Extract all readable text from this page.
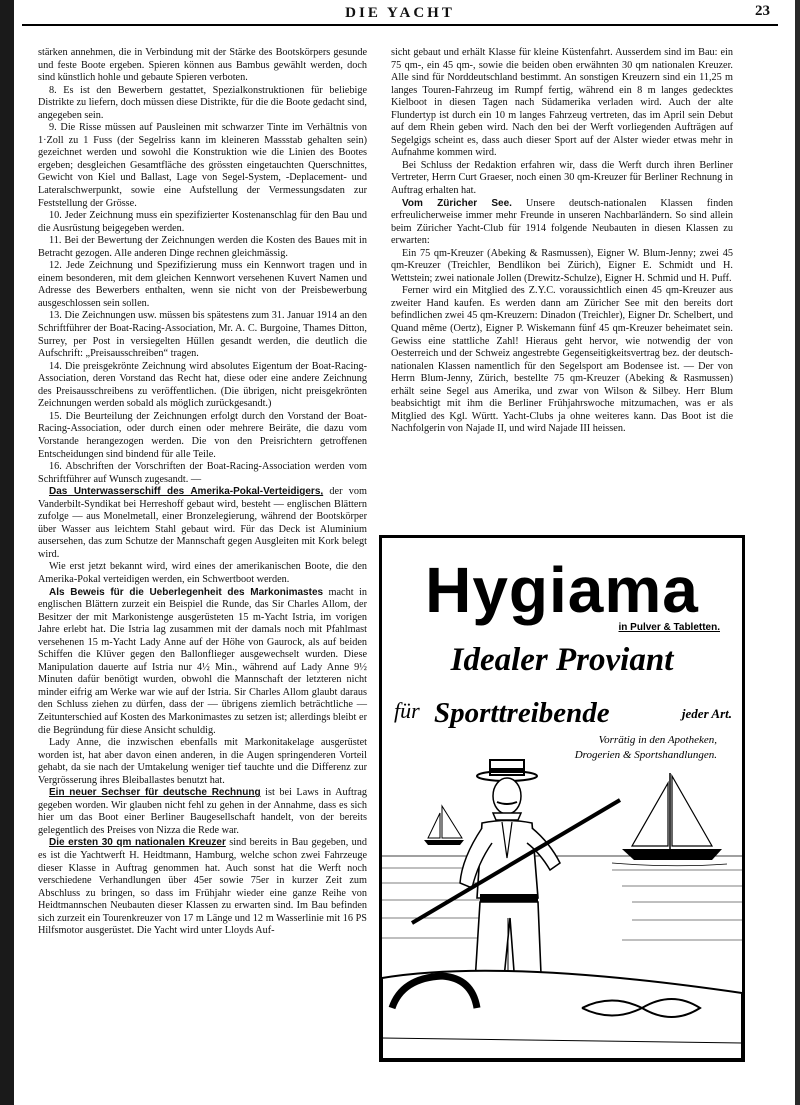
DIE YACHT	23

stärken annehmen, die in Verbindung mit der Stärke des Bootskörpers gesunde und feste Boote ergeben. Spieren können aus Bambus gewählt werden, doch sind künstlich hohle und gebaute Spieren verboten.

8. Es ist den Bewerbern gestattet, Spezialkonstruktionen für beliebige Distrikte zu liefern, doch müssen diese Distrikte, für die die Boote gedacht sind, angegeben sein.

9. Die Risse müssen auf Pausleinen mit schwarzer Tinte im Verhältnis von 1·Zoll zu 1 Fuss (der Segelriss kann im kleineren Massstab gehalten sein) gezeichnet werden und sowohl die Konstruktion wie die Linien des Bootes ergeben; desgleichen Gesamtfläche des grössten eingetauchten Querschnittes, Gewicht von Kiel und Ballast, Lage von Segel-System, -Deplacement- und Lateralschwerpunkt, sowie eine Aufstellung der Vermessungsdaten zur Feststellung der Grösse.

10. Jeder Zeichnung muss ein spezifizierter Kostenanschlag für den Bau und die Ausrüstung beigegeben werden.

11. Bei der Bewertung der Zeichnungen werden die Kosten des Baues mit in Betracht gezogen. Alle anderen Dinge rechnen gleichmässig.

12. Jede Zeichnung und Spezifizierung muss ein Kennwort tragen und in einem besonderen, mit dem gleichen Kennwort versehenen Kuvert Namen und Adresse des Bewerbers enthalten, wenn sie nicht von der Preisbewerbung ausgeschlossen sein sollen.

13. Die Zeichnungen usw. müssen bis spätestens zum 31. Januar 1914 an den Schriftführer der Boat-Racing-Association, Mr. A. C. Burgoine, Thames Ditton, Surrey, per Post in versiegelten Hüllen gesandt werden, die deutlich die Aufschrift: „Preisausschreiben“ tragen.

14. Die preisgekrönte Zeichnung wird absolutes Eigentum der Boat-Racing-Association, deren Vorstand das Recht hat, diese oder eine andere Zeichnung des Preisausschreibens zu veröffentlichen. (Die übrigen, nicht preisgekrönten Zeichnungen werden sobald als möglich zurückgesandt.)

15. Die Beurteilung der Zeichnungen erfolgt durch den Vorstand der Boat-Racing-Association, oder durch einen oder mehrere Beiräte, die dazu vom Vorstande herangezogen werden. Die von den Preisrichtern getroffenen Entscheidungen sind bindend für alle Teile.

16. Abschriften der Vorschriften der Boat-Racing-Association werden vom Schriftführer auf Wunsch zugesandt. —

Das Unterwasserschiff des Amerika-Pokal-Verteidigers, der vom Vanderbilt-Syndikat bei Herreshoff gebaut wird, besteht — englischen Blättern zufolge — aus Monelmetall, einer Bronzelegierung, während der Bootskörper über Wasser aus leichtem Stahl gebaut wird. Für das Deck ist Aluminium ausersehen, das zum Schutze der Mannschaft gegen Ausgleiten mit Kork belegt wird.

Wie erst jetzt bekannt wird, wird eines der amerikanischen Boote, die den Amerika-Pokal verteidigen werden, ein Schwertboot werden.

Als Beweis für die Ueberlegenheit des Markonimastes macht in englischen Blättern zurzeit ein Beispiel die Runde, das Sir Charles Allom, der Besitzer der mit Markonistenge ausgerüsteten 15 m-Yacht Istria, im vorigen Jahre erlebt hat. Die Istria lag zusammen mit der damals noch mit Pfahlmast versehenen 15 m-Yacht Lady Anne auf der Höhe von Gaurock, als auf beiden Schiffen die Klüver gegen den Ballonflieger ausgewechselt wurden. Diese Manipulation dauerte auf Istria nur 4½ Min., während auf Lady Anne 9½ Minuten dafür benötigt wurden, obwohl die Mannschaft der letzteren nicht minder eifrig am Werke war wie auf der Istria. Sir Charles Allom glaubt daraus den Schluss ziehen zu dürfen, dass der — übrigens ziemlich beträchtliche — Zeitunterschied auf Kosten des Markonimastes zu setzen ist; allerdings bleibt er die Begründung für diese Ansicht schuldig.

Lady Anne, die inzwischen ebenfalls mit Markonitakelage ausgerüstet worden ist, hat aber davon einen anderen, in die Augen springenderen Vorteil gehabt, da sie nach der Umtakelung weniger tief tauchte und die Differenz zur Vergrösserung ihres Bleiballastes benutzt hat.

Ein neuer Sechser für deutsche Rechnung ist bei Laws in Auftrag gegeben worden. Wir glauben nicht fehl zu gehen in der Annahme, dass es sich hier um das Boot einer Berliner Baugesellschaft handelt, von der bereits gelegentlich des Preises von Nizza die Rede war.

Die ersten 30 qm nationalen Kreuzer sind bereits in Bau gegeben, und es ist die Yachtwerft H. Heidtmann, Hamburg, welche schon zwei Fahrzeuge dieser Klasse in Auftrag genommen hat. Auch sonst hat die Werft noch verschiedene Verhandlungen über 45er sowie 75er in kurzer Zeit zum Abschluss zu bringen, so dass im Frühjahr wieder eine ganze Reihe von Heidtmannschen Neubauten dieser Klassen zu erwarten sind. Im Bau befinden sich zurzeit ein Tourenkreuzer von 17 m Länge und 12 m Wasserlinie mit 16 PS Hilfsmotor ausgerüstet. Die Yacht wird unter Lloyds Auf-

sicht gebaut und erhält Klasse für kleine Küstenfahrt. Ausserdem sind im Bau: ein 75 qm-, ein 45 qm-, sowie die beiden oben erwähnten 30 qm nationalen Kreuzer. Alle sind für Norddeutschland bestimmt. An sonstigen Kreuzern sind ein 11,25 m langes Touren-Fahrzeug im Rumpf fertig, während ein 8 m langes gedecktes Kielboot in diesen Tagen nach Südamerika verladen wird. Auch der alte Flundertyp ist durch ein 10 m langes Fahrzeug vertreten, das im April sein Debut auf dem Rhein geben wird. Nach den bei der Werft vorliegenden Aufträgen auf Segelgigs scheint es, dass auch dieser Sport auf der Alster wieder etwas mehr in Aufnahme kommen wird.

Bei Schluss der Redaktion erfahren wir, dass die Werft durch ihren Berliner Vertreter, Herrn Curt Graeser, noch einen 30 qm-Kreuzer für Berliner Rechnung in Auftrag erhalten hat.

Vom Züricher See. Unsere deutsch-nationalen Klassen finden erfreulicherweise immer mehr Freunde in unseren Nachbarländern. So sind allein beim Züricher Yacht-Club für 1914 folgende Neubauten in diesen Klassen zu erwarten:

Ein 75 qm-Kreuzer (Abeking & Rasmussen), Eigner W. Blum-Jenny; zwei 45 qm-Kreuzer (Treichler, Bendlikon bei Zürich), Eigner E. Schmidt und H. Wettstein; zwei nationale Jollen (Drewitz-Schulze), Eigner H. Schmid und H. Puff.

Ferner wird ein Mitglied des Z.Y.C. voraussichtlich einen 45 qm-Kreuzer aus zweiter Hand kaufen. Es werden dann am Züricher See mit den bereits dort befindlichen zwei 45 qm-Kreuzern: Dinadon (Treichler), Eigner Dr. Schelbert, und Quand même (Oertz), Eigner P. Wiskemann fünf 45 qm-Kreuzer beheimatet sein. Gewiss eine stattliche Zahl! Hieraus geht hervor, wie notwendig der von Oesterreich und der Schweiz angestrebte Gegenseitigkeitsvertrag bez. der deutsch-nationalen Klassen namentlich für den Segelsport am Bodensee ist. — Der von Herrn Blum-Jenny, Zürich, bestellte 75 qm-Kreuzer (Abeking & Rasmussen) erhält seine Segel aus Amerika, und zwar von Wilson & Silbey. Herr Blum beabsichtigt mit ihm die Berliner Frühjahrswoche mitzumachen, was er als Mitglied des Kgl. Württ. Yacht-Clubs ja ohne weiteres kann. Das Boot ist die Nachfolgerin von Najade II, und wird Najade III heissen.

Hygiama
in Pulver & Tabletten.
Idealer Proviant
für Sporttreibende	jeder Art.
Vorrätig in den Apotheken,
Drogerien & Sportshandlungen.
